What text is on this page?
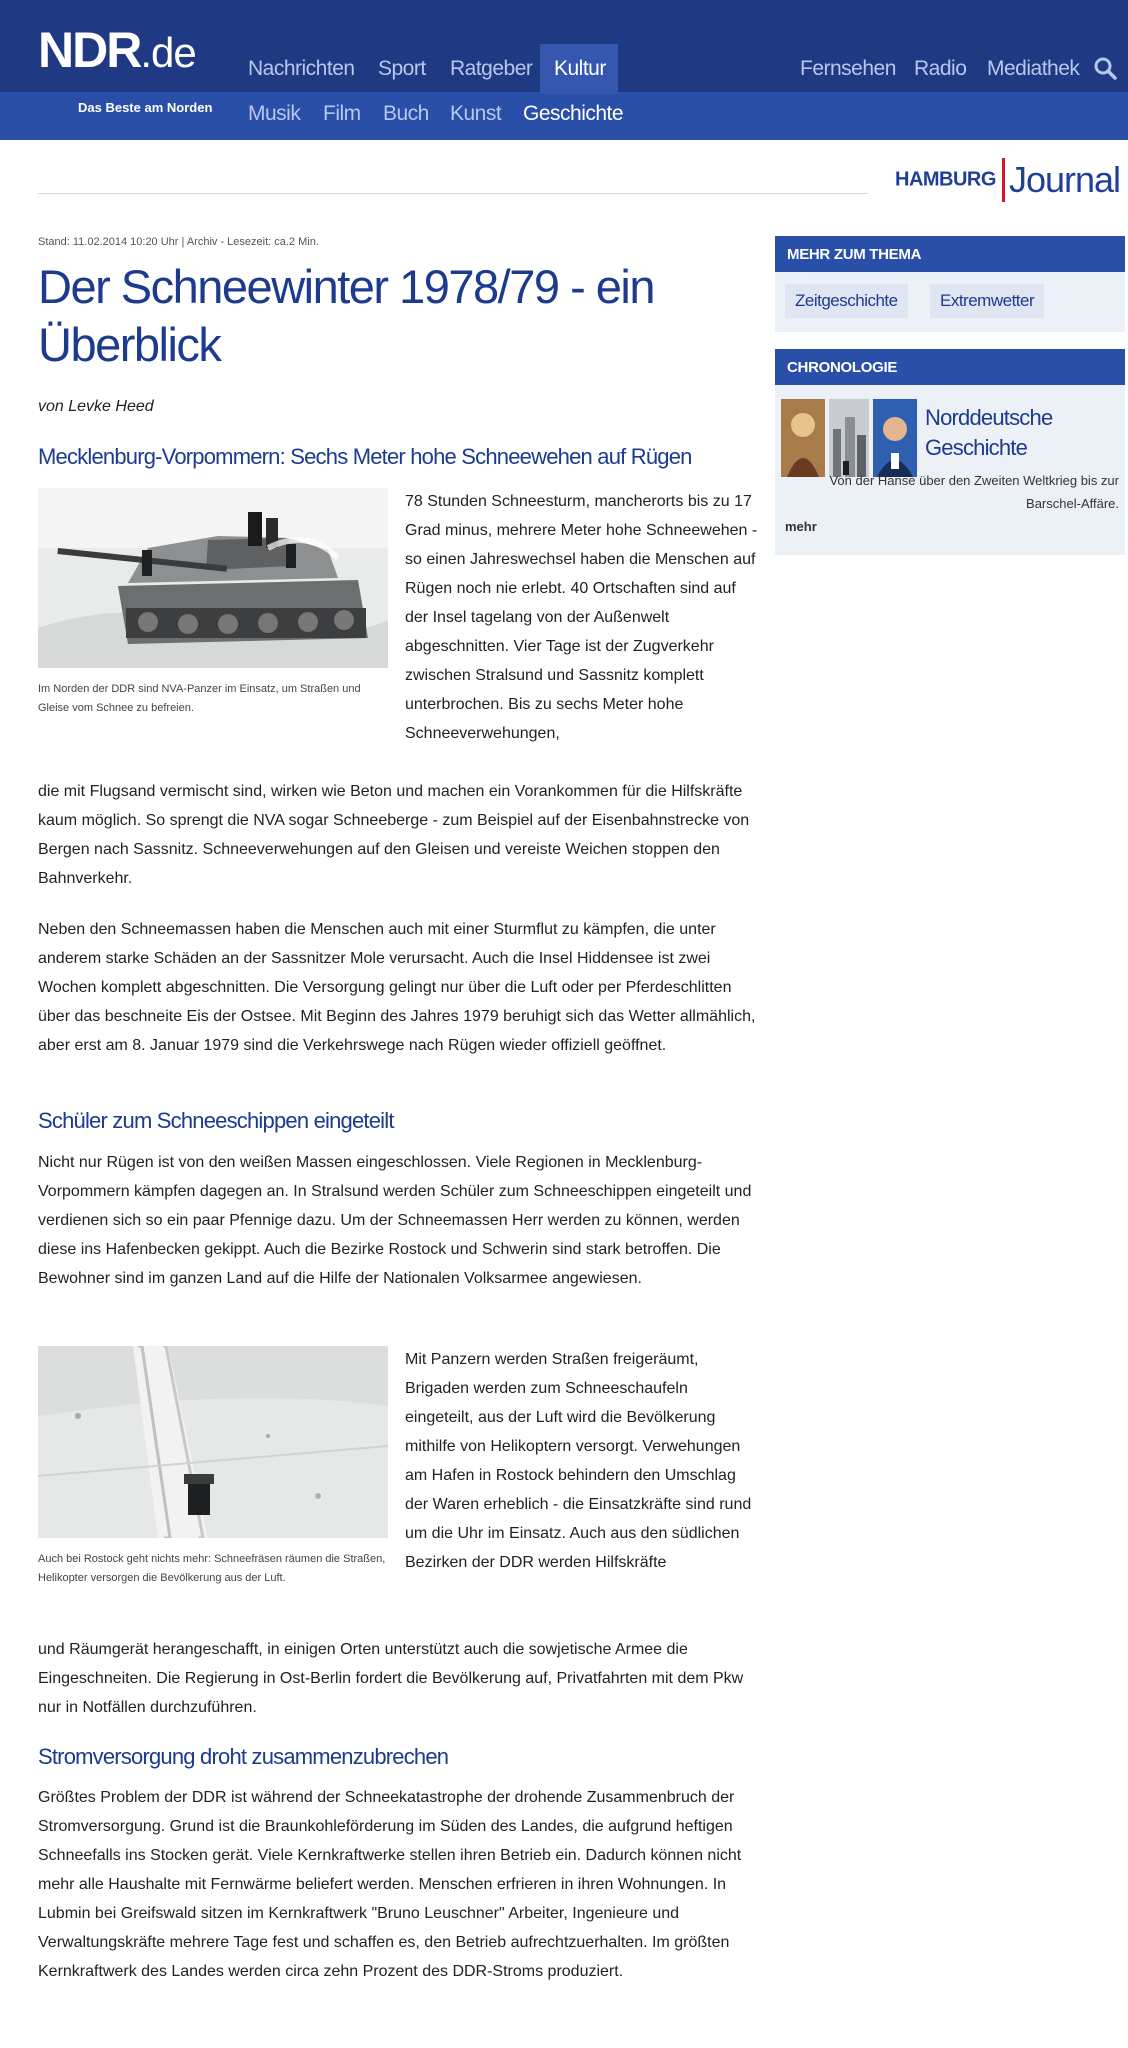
NDR.de
Das Beste am Norden
Nachrichten Sport Ratgeber Kultur	Fernsehen Radio Mediathek
Musik Film Buch Kunst Geschichte
HAMBURG Journal
Stand: 11.02.2014 10:20 Uhr | Archiv - Lesezeit: ca.2 Min.
Der Schneewinter 1978/79 - ein Überblick
von Levke Heed
Mecklenburg-Vorpommern: Sechs Meter hohe Schneewehen auf Rügen
Im Norden der DDR sind NVA-Panzer im Einsatz, um Straßen und Gleise vom Schnee zu befreien.

78 Stunden Schneesturm, mancherorts bis zu 17 Grad minus, mehrere Meter hohe Schneewehen - so einen Jahreswechsel haben die Menschen auf Rügen noch nie erlebt. 40 Ortschaften sind auf der Insel tagelang von der Außenwelt abgeschnitten. Vier Tage ist der Zugverkehr zwischen Stralsund und Sassnitz komplett unterbrochen. Bis zu sechs Meter hohe Schneeverwehungen,

die mit Flugsand vermischt sind, wirken wie Beton und machen ein Vorankommen für die Hilfskräfte kaum möglich. So sprengt die NVA sogar Schneeberge - zum Beispiel auf der Eisenbahnstrecke von Bergen nach Sassnitz. Schneeverwehungen auf den Gleisen und vereiste Weichen stoppen den Bahnverkehr.

Neben den Schneemassen haben die Menschen auch mit einer Sturmflut zu kämpfen, die unter anderem starke Schäden an der Sassnitzer Mole verursacht. Auch die Insel Hiddensee ist zwei Wochen komplett abgeschnitten. Die Versorgung gelingt nur über die Luft oder per Pferdeschlitten über das beschneite Eis der Ostsee. Mit Beginn des Jahres 1979 beruhigt sich das Wetter allmählich, aber erst am 8. Januar 1979 sind die Verkehrswege nach Rügen wieder offiziell geöffnet.

Schüler zum Schneeschippen eingeteilt

Nicht nur Rügen ist von den weißen Massen eingeschlossen. Viele Regionen in Mecklenburg-Vorpommern kämpfen dagegen an. In Stralsund werden Schüler zum Schneeschippen eingeteilt und verdienen sich so ein paar Pfennige dazu. Um der Schneemassen Herr werden zu können, werden diese ins Hafenbecken gekippt. Auch die Bezirke Rostock und Schwerin sind stark betroffen. Die Bewohner sind im ganzen Land auf die Hilfe der Nationalen Volksarmee angewiesen.

Auch bei Rostock geht nichts mehr: Schneefräsen räumen die Straßen, Helikopter versorgen die Bevölkerung aus der Luft.

Mit Panzern werden Straßen freigeräumt, Brigaden werden zum Schneeschaufeln eingeteilt, aus der Luft wird die Bevölkerung mithilfe von Helikoptern versorgt. Verwehungen am Hafen in Rostock behindern den Umschlag der Waren erheblich - die Einsatzkräfte sind rund um die Uhr im Einsatz. Auch aus den südlichen Bezirken der DDR werden Hilfskräfte

und Räumgerät herangeschafft, in einigen Orten unterstützt auch die sowjetische Armee die Eingeschneiten. Die Regierung in Ost-Berlin fordert die Bevölkerung auf, Privatfahrten mit dem Pkw nur in Notfällen durchzuführen.

Stromversorgung droht zusammenzubrechen

Größtes Problem der DDR ist während der Schneekatastrophe der drohende Zusammenbruch der Stromversorgung. Grund ist die Braunkohleförderung im Süden des Landes, die aufgrund heftigen Schneefalls ins Stocken gerät. Viele Kernkraftwerke stellen ihren Betrieb ein. Dadurch können nicht mehr alle Haushalte mit Fernwärme beliefert werden. Menschen erfrieren in ihren Wohnungen. In Lubmin bei Greifswald sitzen im Kernkraftwerk "Bruno Leuschner" Arbeiter, Ingenieure und Verwaltungskräfte mehrere Tage fest und schaffen es, den Betrieb aufrechtzuerhalten. Im größten Kernkraftwerk des Landes werden circa zehn Prozent des DDR-Stroms produziert.

MEHR ZUM THEMA
Zeitgeschichte	Extremwetter
CHRONOLOGIE
Norddeutsche Geschichte
Von der Hanse über den Zweiten Weltkrieg bis zur Barschel-Affäre.
mehr
